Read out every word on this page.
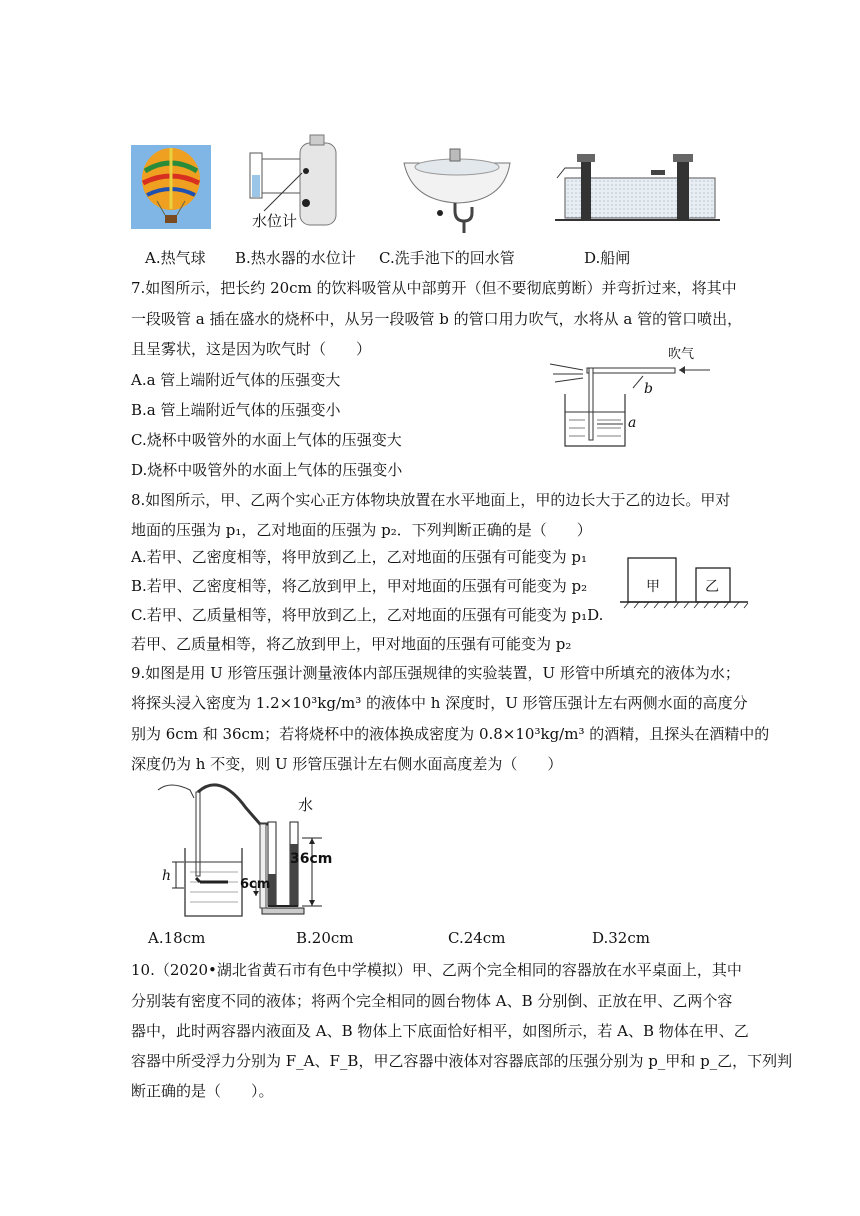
水位计
A.热气球 B.热水器的水位计 C.洗手池下的回水管	D.船闸
7.如图所示，把长约 20cm 的饮料吸管从中部剪开（但不要彻底剪断）并弯折过来，将其中
一段吸管 a 插在盛水的烧杯中，从另一段吸管 b 的管口用力吹气，水将从 a 管的管口喷出，
且呈雾状，这是因为吹气时（　　）
A.a 管上端附近气体的压强变大
B.a 管上端附近气体的压强变小
C.烧杯中吸管外的水面上气体的压强变大
D.烧杯中吸管外的水面上气体的压强变小
吹气
b
a
8.如图所示，甲、乙两个实心正方体物块放置在水平地面上，甲的边长大于乙的边长。甲对
地面的压强为 p₁，乙对地面的压强为 p₂．下列判断正确的是（　　）
A.若甲、乙密度相等，将甲放到乙上，乙对地面的压强有可能变为 p₁
B.若甲、乙密度相等，将乙放到甲上，甲对地面的压强有可能变为 p₂
C.若甲、乙质量相等，将甲放到乙上，乙对地面的压强有可能变为 p₁D.
若甲、乙质量相等，将乙放到甲上，甲对地面的压强有可能变为 p₂
甲	乙
9.如图是用 U 形管压强计测量液体内部压强规律的实验装置，U 形管中所填充的液体为水；
将探头浸入密度为 1.2×10³kg/m³ 的液体中 h 深度时，U 形管压强计左右两侧水面的高度分
别为 6cm 和 36cm；若将烧杯中的液体换成密度为 0.8×10³kg/m³ 的酒精，且探头在酒精中的
深度仍为 h 不变，则 U 形管压强计左右侧水面高度差为（　　）
水
h
6cm
36cm
A.18cm	B.20cm	C.24cm	D.32cm
10.（2020•湖北省黄石市有色中学模拟）甲、乙两个完全相同的容器放在水平桌面上，其中
分别装有密度不同的液体；将两个完全相同的圆台物体 A、B 分别倒、正放在甲、乙两个容
器中，此时两容器内液面及 A、B 物体上下底面恰好相平，如图所示，若 A、B 物体在甲、乙
容器中所受浮力分别为 F_A、F_B，甲乙容器中液体对容器底部的压强分别为 p_甲和 p_乙，下列判
断正确的是（　　）。
